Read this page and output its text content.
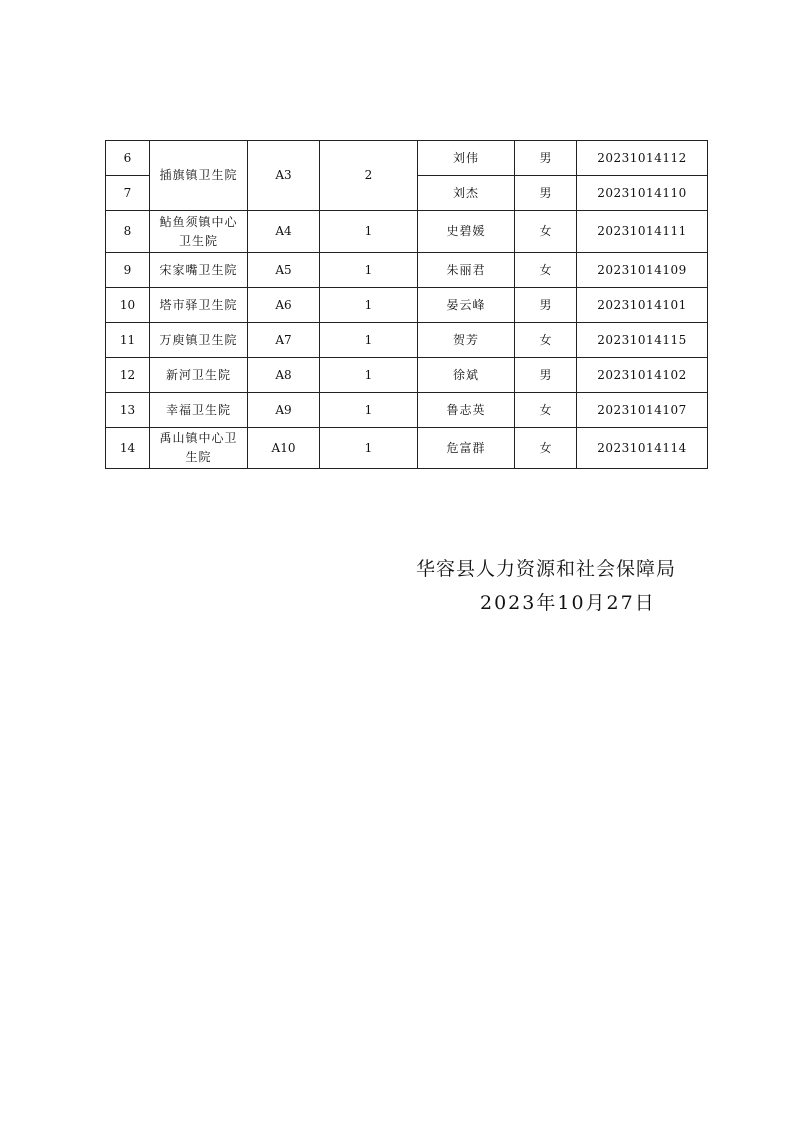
6	插旗镇卫生院	A3	2	刘伟	男	20231014112
7				刘杰	男	20231014110
8	鲇鱼须镇中心卫生院	A4	1	史碧媛	女	20231014111
9	宋家嘴卫生院	A5	1	朱丽君	女	20231014109
10	塔市驿卫生院	A6	1	晏云峰	男	20231014101
11	万庾镇卫生院	A7	1	贺芳	女	20231014115
12	新河卫生院	A8	1	徐斌	男	20231014102
13	幸福卫生院	A9	1	鲁志英	女	20231014107
14	禹山镇中心卫生院	A10	1	危富群	女	20231014114
华容县人力资源和社会保障局
2023年10月27日
